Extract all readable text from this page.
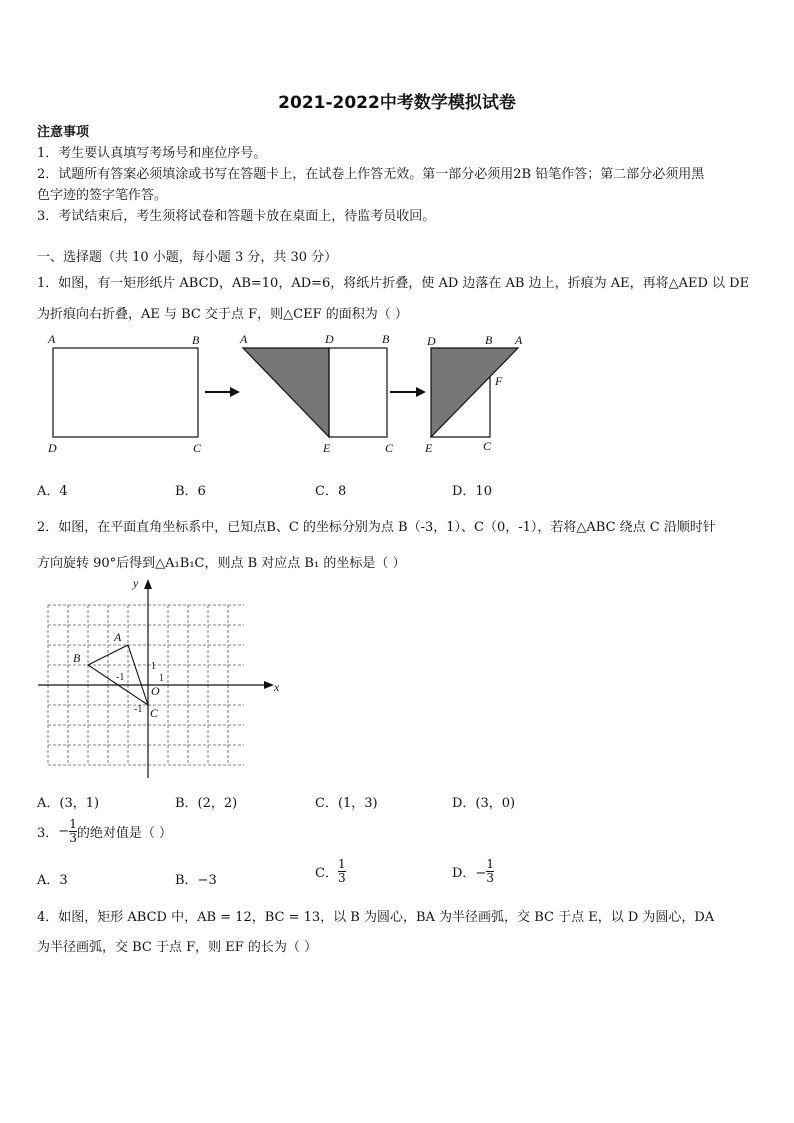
2021-2022中考数学模拟试卷
注意事项
1．考生要认真填写考场号和座位序号。
2．试题所有答案必须填涂或书写在答题卡上，在试卷上作答无效。第一部分必须用2B 铅笔作答；第二部分必须用黑
色字迹的签字笔作答。
3．考试结束后，考生须将试卷和答题卡放在桌面上，待监考员收回。
一、选择题（共 10 小题，每小题 3 分，共 30 分）
1．如图，有一矩形纸片 ABCD，AB=10，AD=6，将纸片折叠，使 AD 边落在 AB 边上，折痕为 AE，再将△AED 以 DE
为折痕向右折叠，AE 与 BC 交于点 F，则△CEF 的面积为（ ）
A	B
D	C
A	D	B
E	C
D	B A
F
E	C
A．4	B．6	C．8	D．10
2．如图，在平面直角坐标系中，已知点B、C 的坐标分别为点 B（-3，1）、C（0，-1），若将△ABC 绕点 C 沿顺时针
方向旋转 90°后得到△A₁B₁C，则点 B 对应点 B₁ 的坐标是（ ）
y
x
A
B
O
C
1
-1	1
-1
A．(3，1)	B．(2，2)	C．(1，3)	D．(3，0)
3． − $\frac{1}{3}$ 的绝对值是（ ）
A．3	B．−3	C． $\frac{1}{3}$	D．− $\frac{1}{3}$
4．如图，矩形 ABCD 中，AB = 12，BC = 13，以 B 为圆心，BA 为半径画弧，交 BC 于点 E，以 D 为圆心，DA
为半径画弧，交 BC 于点 F，则 EF 的长为（ ）
